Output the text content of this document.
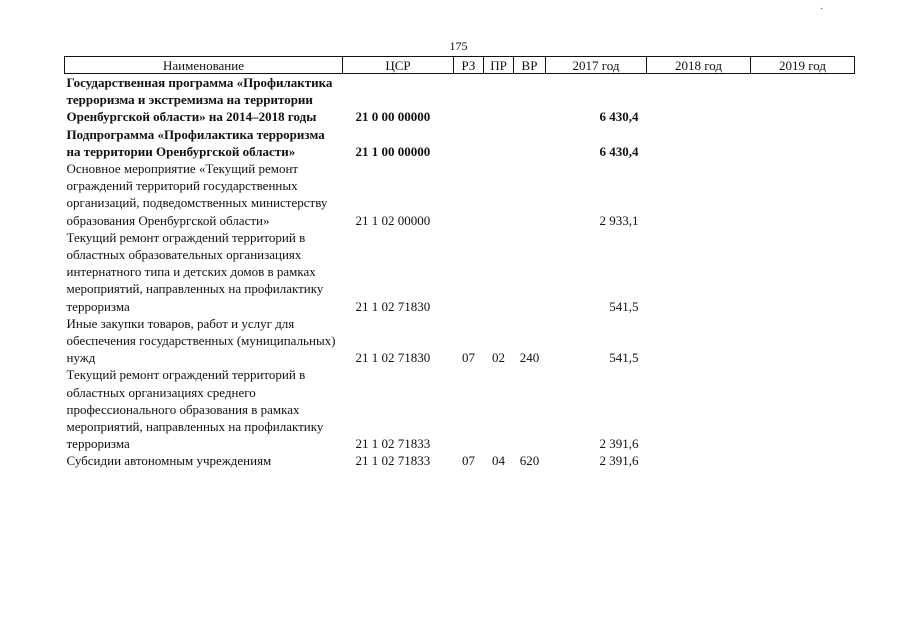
·
175
Наименование	ЦСР	РЗ	ПР	ВР	2017 год	2018 год	2019 год
Государственная программа «Профилактика терроризма и экстремизма на территории Оренбургской области» на 2014–2018 годы	21 0 00 00000				6 430,4		
Подпрограмма «Профилактика терроризма на территории Оренбургской области»	21 1 00 00000				6 430,4		
Основное мероприятие «Текущий ремонт ограждений территорий государственных организаций, подведомственных министерству образования Оренбургской области»	21 1 02 00000				2 933,1		
Текущий ремонт ограждений территорий в областных образовательных организациях интернатного типа и детских домов в рамках мероприятий, направленных на профилактику терроризма	21 1 02 71830				541,5		
Иные закупки товаров, работ и услуг для обеспечения государственных (муниципальных) нужд	21 1 02 71830	07	02	240	541,5		
Текущий ремонт ограждений территорий в областных организациях среднего профессионального образования в рамках мероприятий, направленных на профилактику терроризма	21 1 02 71833				2 391,6		
Субсидии автономным учреждениям	21 1 02 71833	07	04	620	2 391,6		
